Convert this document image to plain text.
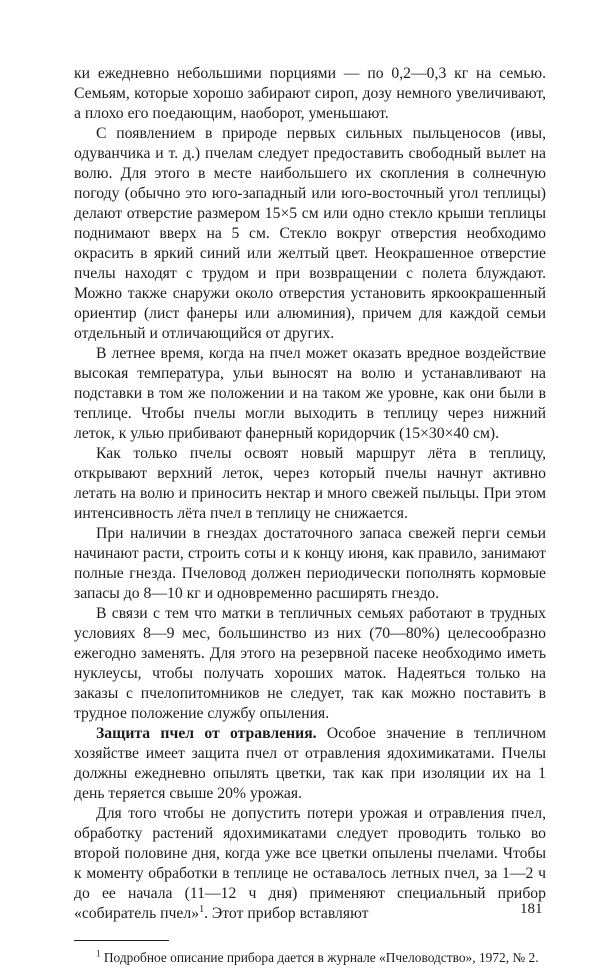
ки ежедневно небольшими порциями — по 0,2—0,3 кг на семью. Семьям, которые хорошо забирают сироп, дозу немного увеличивают, а плохо его поедающим, наоборот, уменьшают.

С появлением в природе первых сильных пыльценосов (ивы, одуванчика и т. д.) пчелам следует предоставить свободный вылет на волю. Для этого в месте наибольшего их скопления в солнечную погоду (обычно это юго-западный или юго-восточный угол теплицы) делают отверстие размером 15×5 см или одно стекло крыши теплицы поднимают вверх на 5 см. Стекло вокруг отверстия необходимо окрасить в яркий синий или желтый цвет. Неокрашенное отверстие пчелы находят с трудом и при возвращении с полета блуждают. Можно также снаружи около отверстия установить яркоокрашенный ориентир (лист фанеры или алюминия), причем для каждой семьи отдельный и отличающийся от других.

В летнее время, когда на пчел может оказать вредное воздействие высокая температура, ульи выносят на волю и устанавливают на подставки в том же положении и на таком же уровне, как они были в теплице. Чтобы пчелы могли выходить в теплицу через нижний леток, к улью прибивают фанерный коридорчик (15×30×40 см).

Как только пчелы освоят новый маршрут лёта в теплицу, открывают верхний леток, через который пчелы начнут активно летать на волю и приносить нектар и много свежей пыльцы. При этом интенсивность лёта пчел в теплицу не снижается.

При наличии в гнездах достаточного запаса свежей перги семьи начинают расти, строить соты и к концу июня, как правило, занимают полные гнезда. Пчеловод должен периодически пополнять кормовые запасы до 8—10 кг и одновременно расширять гнездо.

В связи с тем что матки в тепличных семьях работают в трудных условиях 8—9 мес, большинство из них (70—80%) целесообразно ежегодно заменять. Для этого на резервной пасеке необходимо иметь нуклеусы, чтобы получать хороших маток. Надеяться только на заказы с пчелопитомников не следует, так как можно поставить в трудное положение службу опыления.

Защита пчел от отравления. Особое значение в тепличном хозяйстве имеет защита пчел от отравления ядохимикатами. Пчелы должны ежедневно опылять цветки, так как при изоляции их на 1 день теряется свыше 20% урожая.

Для того чтобы не допустить потери урожая и отравления пчел, обработку растений ядохимикатами следует проводить только во второй половине дня, когда уже все цветки опылены пчелами. Чтобы к моменту обработки в теплице не оставалось летных пчел, за 1—2 ч до ее начала (11—12 ч дня) применяют специальный прибор «собиратель пчел»$^1$. Этот прибор вставляют

$^1$ Подробное описание прибора дается в журнале «Пчеловодство», 1972, № 2.
181
